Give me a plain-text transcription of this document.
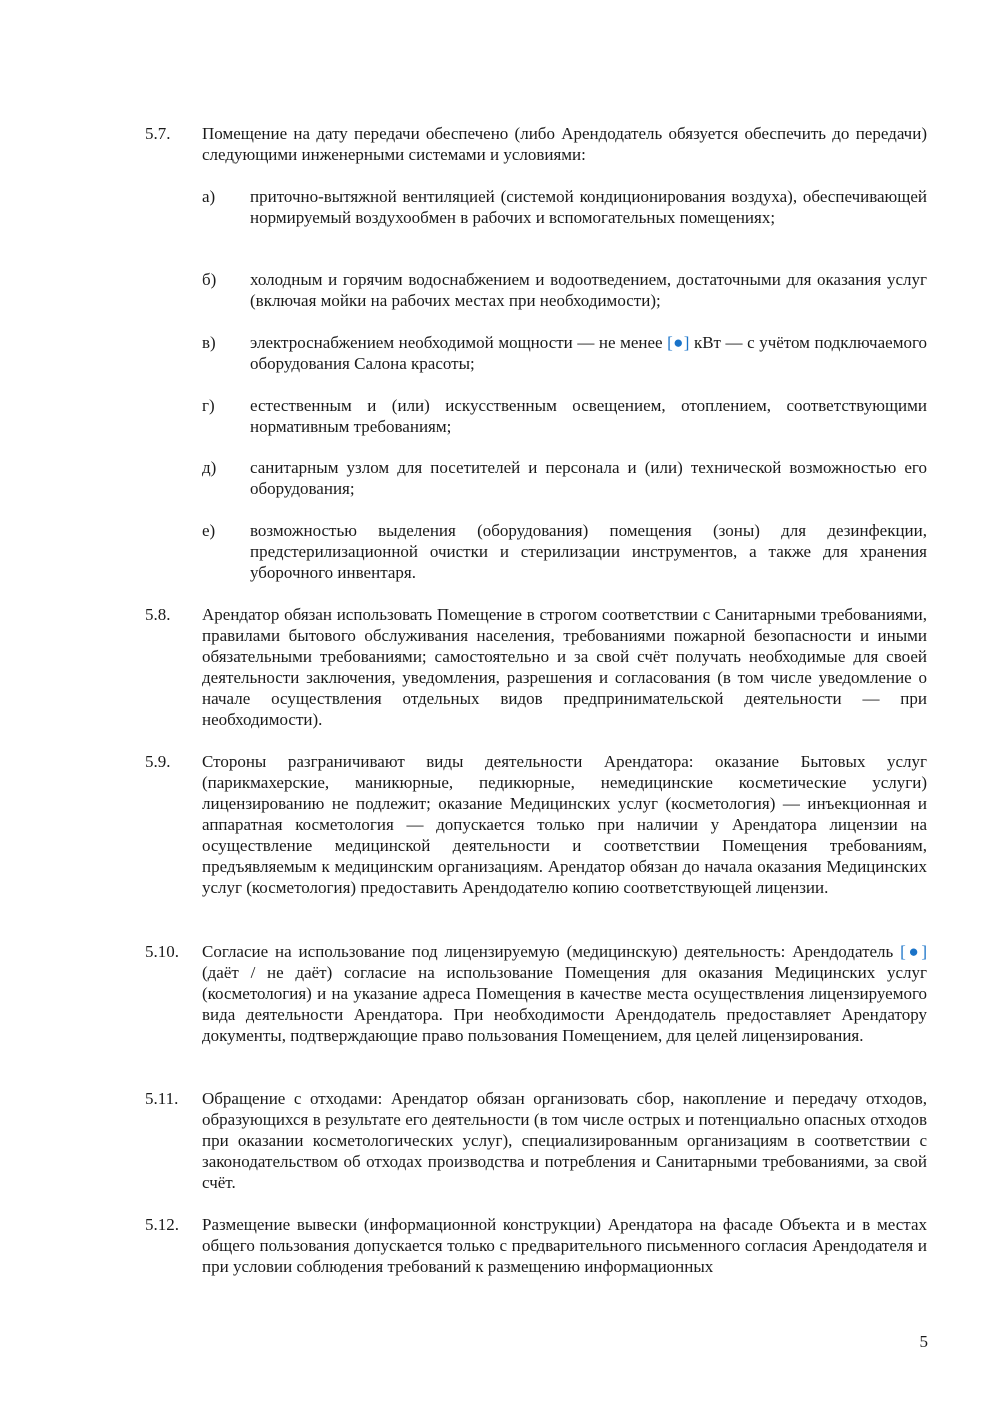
5.7. Помещение на дату передачи обеспечено (либо Арендодатель обязуется обеспечить до передачи) следующими инженерными системами и условиями:
а) приточно-вытяжной вентиляцией (системой кондиционирования воздуха), обеспечивающей нормируемый воздухообмен в рабочих и вспомогательных помещениях;
б) холодным и горячим водоснабжением и водоотведением, достаточными для оказания услуг (включая мойки на рабочих местах при необходимости);
в) электроснабжением необходимой мощности — не менее [●] кВт — с учётом подключаемого оборудования Салона красоты;
г) естественным и (или) искусственным освещением, отоплением, соответствующими нормативным требованиям;
д) санитарным узлом для посетителей и персонала и (или) технической возможностью его оборудования;
е) возможностью выделения (оборудования) помещения (зоны) для дезинфекции, предстерилизационной очистки и стерилизации инструментов, а также для хранения уборочного инвентаря.
5.8. Арендатор обязан использовать Помещение в строгом соответствии с Санитарными требованиями, правилами бытового обслуживания населения, требованиями пожарной безопасности и иными обязательными требованиями; самостоятельно и за свой счёт получать необходимые для своей деятельности заключения, уведомления, разрешения и согласования (в том числе уведомление о начале осуществления отдельных видов предпринимательской деятельности — при необходимости).
5.9. Стороны разграничивают виды деятельности Арендатора: оказание Бытовых услуг (парикмахерские, маникюрные, педикюрные, немедицинские косметические услуги) лицензированию не подлежит; оказание Медицинских услуг (косметология) — инъекционная и аппаратная косметология — допускается только при наличии у Арендатора лицензии на осуществление медицинской деятельности и соответствии Помещения требованиям, предъявляемым к медицинским организациям. Арендатор обязан до начала оказания Медицинских услуг (косметология) предоставить Арендодателю копию соответствующей лицензии.
5.10. Согласие на использование под лицензируемую (медицинскую) деятельность: Арендодатель [●] (даёт / не даёт) согласие на использование Помещения для оказания Медицинских услуг (косметология) и на указание адреса Помещения в качестве места осуществления лицензируемого вида деятельности Арендатора. При необходимости Арендодатель предоставляет Арендатору документы, подтверждающие право пользования Помещением, для целей лицензирования.
5.11. Обращение с отходами: Арендатор обязан организовать сбор, накопление и передачу отходов, образующихся в результате его деятельности (в том числе острых и потенциально опасных отходов при оказании косметологических услуг), специализированным организациям в соответствии с законодательством об отходах производства и потребления и Санитарными требованиями, за свой счёт.
5.12. Размещение вывески (информационной конструкции) Арендатора на фасаде Объекта и в местах общего пользования допускается только с предварительного письменного согласия Арендодателя и при условии соблюдения требований к размещению информационных
5
